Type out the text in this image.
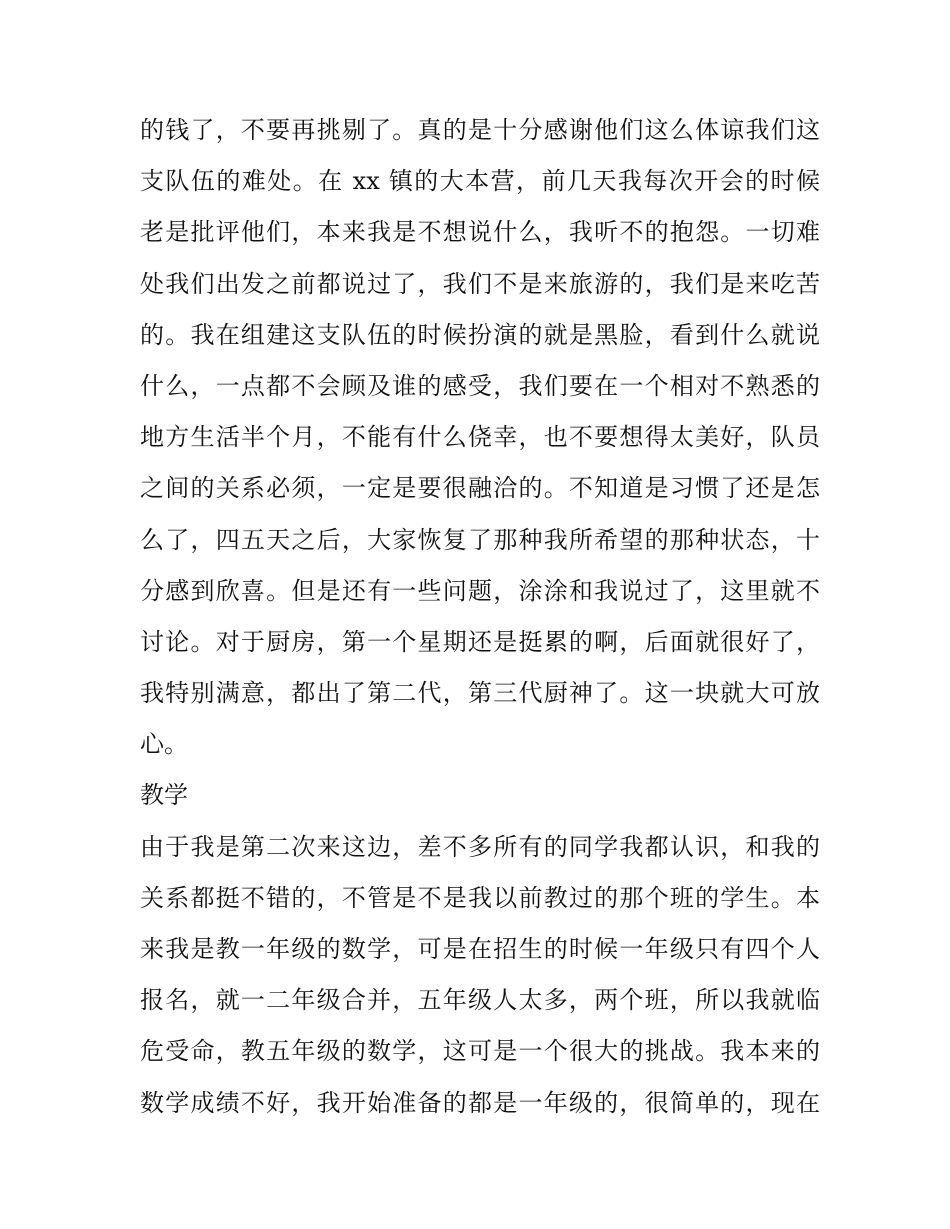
的钱了，不要再挑剔了。真的是十分感谢他们这么体谅我们这
支队伍的难处。在 xx 镇的大本营，前几天我每次开会的时候
老是批评他们，本来我是不想说什么，我听不的抱怨。一切难
处我们出发之前都说过了，我们不是来旅游的，我们是来吃苦
的。我在组建这支队伍的时候扮演的就是黑脸，看到什么就说
什么，一点都不会顾及谁的感受，我们要在一个相对不熟悉的
地方生活半个月，不能有什么侥幸，也不要想得太美好，队员
之间的关系必须，一定是要很融洽的。不知道是习惯了还是怎
么了，四五天之后，大家恢复了那种我所希望的那种状态，十
分感到欣喜。但是还有一些问题，涂涂和我说过了，这里就不
讨论。对于厨房，第一个星期还是挺累的啊，后面就很好了，
我特别满意，都出了第二代，第三代厨神了。这一块就大可放
心。
教学
由于我是第二次来这边，差不多所有的同学我都认识，和我的
关系都挺不错的，不管是不是我以前教过的那个班的学生。本
来我是教一年级的数学，可是在招生的时候一年级只有四个人
报名，就一二年级合并，五年级人太多，两个班，所以我就临
危受命，教五年级的数学，这可是一个很大的挑战。我本来的
数学成绩不好，我开始准备的都是一年级的，很简单的，现在
